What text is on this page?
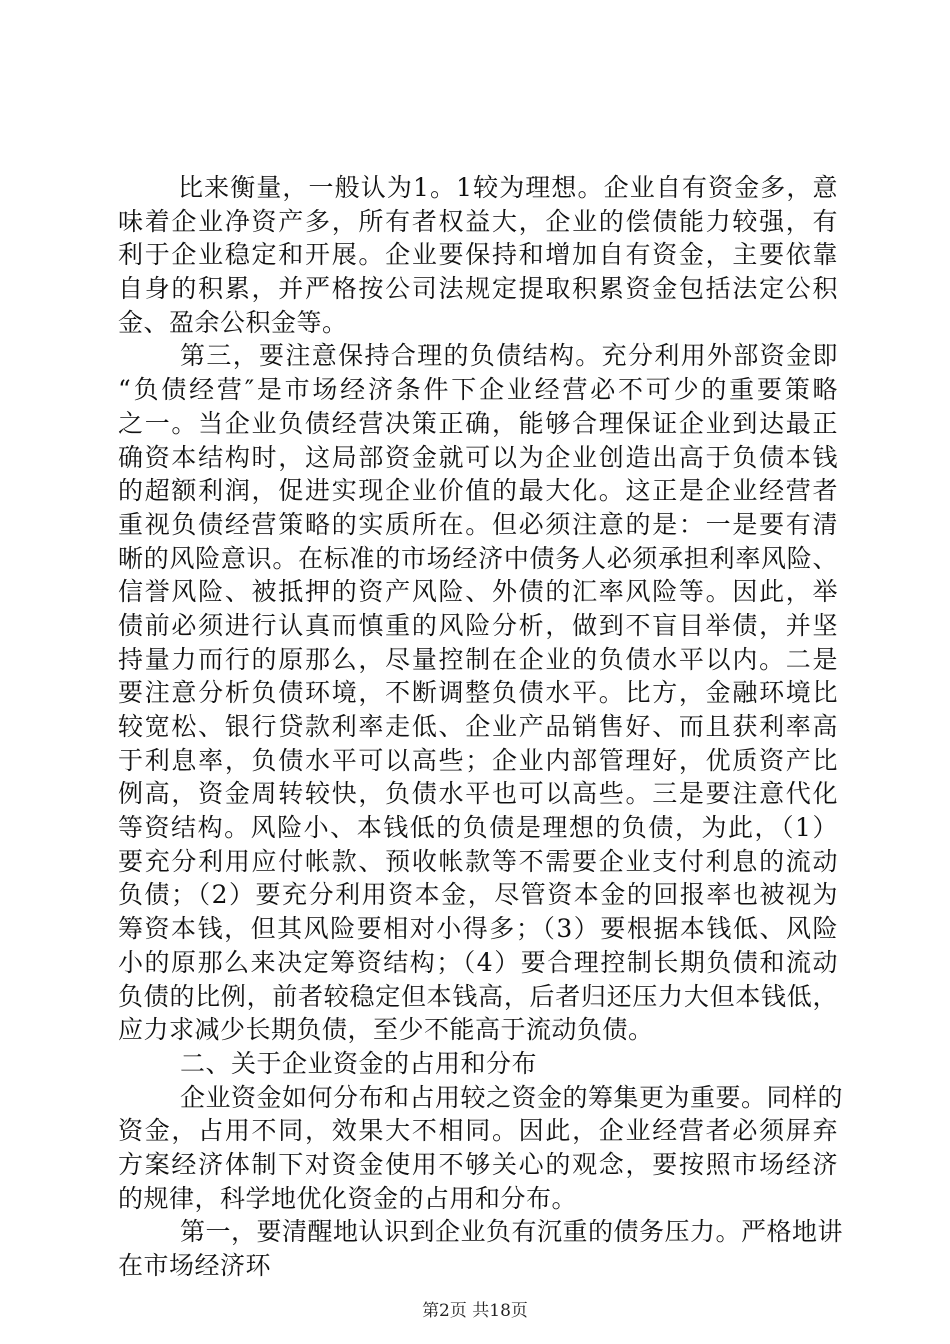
比来衡量，一般认为1。1较为理想。企业自有资金多，意
味着企业净资产多，所有者权益大，企业的偿债能力较强，有
利于企业稳定和开展。企业要保持和增加自有资金，主要依靠
自身的积累，并严格按公司法规定提取积累资金包括法定公积
金、盈余公积金等。
第三，要注意保持合理的负债结构。充分利用外部资金即
“负债经营″是市场经济条件下企业经营必不可少的重要策略
之一。当企业负债经营决策正确，能够合理保证企业到达最正
确资本结构时，这局部资金就可以为企业创造出高于负债本钱
的超额利润，促进实现企业价值的最大化。这正是企业经营者
重视负债经营策略的实质所在。但必须注意的是：一是要有清
晰的风险意识。在标准的市场经济中债务人必须承担利率风险、
信誉风险、被抵押的资产风险、外债的汇率风险等。因此，举
债前必须进行认真而慎重的风险分析，做到不盲目举债，并坚
持量力而行的原那么，尽量控制在企业的负债水平以内。二是
要注意分析负债环境，不断调整负债水平。比方，金融环境比
较宽松、银行贷款利率走低、企业产品销售好、而且获利率高
于利息率，负债水平可以高些；企业内部管理好，优质资产比
例高，资金周转较快，负债水平也可以高些。三是要注意代化
等资结构。风险小、本钱低的负债是理想的负债，为此，（1）
要充分利用应付帐款、预收帐款等不需要企业支付利息的流动
负债；（2）要充分利用资本金，尽管资本金的回报率也被视为
筹资本钱，但其风险要相对小得多；（3）要根据本钱低、风险
小的原那么来决定筹资结构；（4）要合理控制长期负债和流动
负债的比例，前者较稳定但本钱高，后者归还压力大但本钱低，
应力求减少长期负债，至少不能高于流动负债。
二、关于企业资金的占用和分布
企业资金如何分布和占用较之资金的筹集更为重要。同样的
资金，占用不同，效果大不相同。因此，企业经营者必须屏弃
方案经济体制下对资金使用不够关心的观念，要按照市场经济
的规律，科学地优化资金的占用和分布。
第一，要清醒地认识到企业负有沉重的债务压力。严格地讲
在市场经济环
第2页 共18页
